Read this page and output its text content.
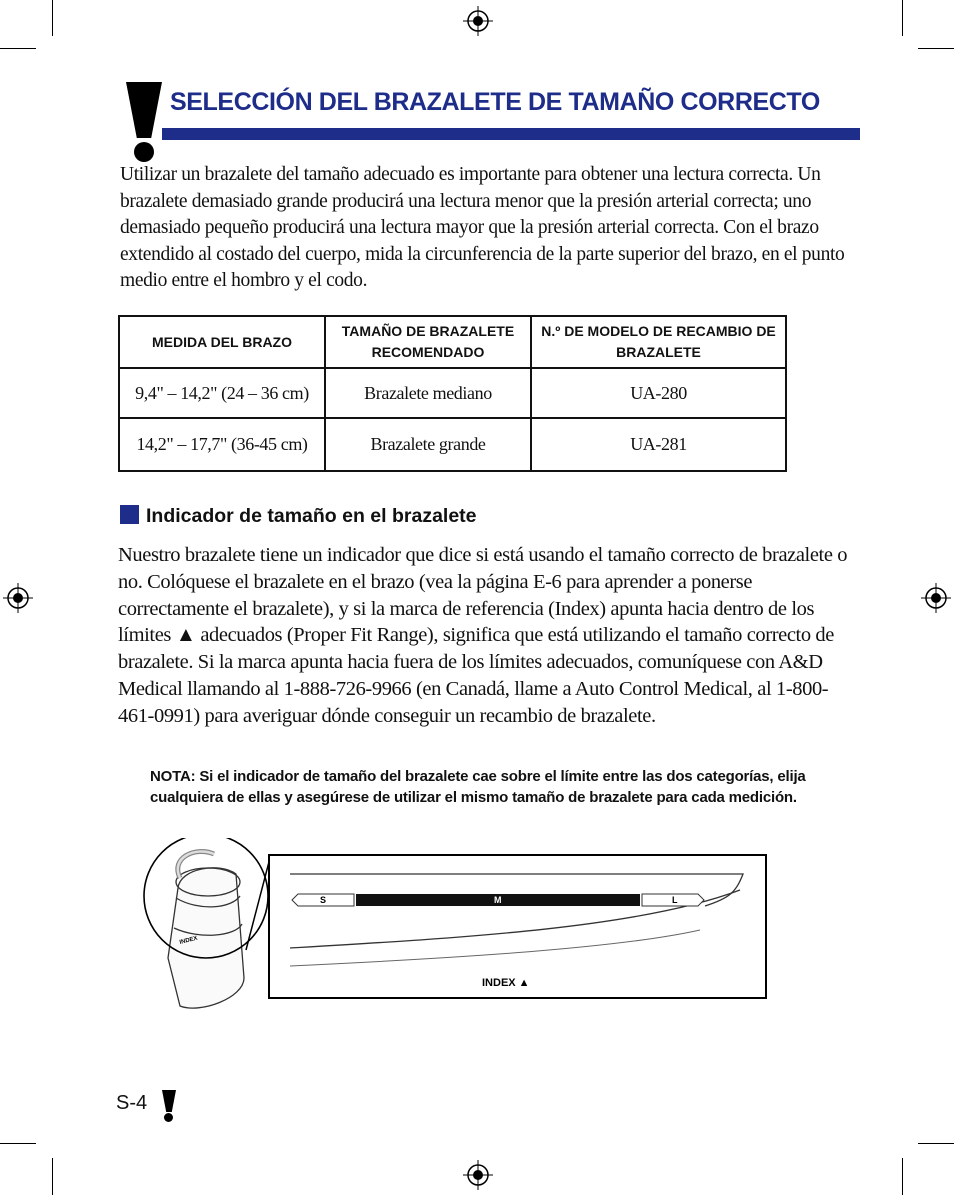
SELECCIÓN DEL BRAZALETE DE TAMAÑO CORRECTO

Utilizar un brazalete del tamaño adecuado es importante para obtener una lectura correcta. Un brazalete demasiado grande producirá una lectura menor que la presión arterial correcta; uno demasiado pequeño producirá una lectura mayor que la presión arterial correcta. Con el brazo extendido al costado del cuerpo, mida la circunferencia de la parte superior del brazo, en el punto medio entre el hombro y el codo.

MEDIDA DEL BRAZO	TAMAÑO DE BRAZALETE RECOMENDADO	N.º DE MODELO DE RECAMBIO DE BRAZALETE
9,4" – 14,2" (24 – 36 cm)	Brazalete mediano	UA-280
14,2" – 17,7" (36-45 cm)	Brazalete grande	UA-281
Indicador de tamaño en el brazalete

Nuestro brazalete tiene un indicador que dice si está usando el tamaño correcto de brazalete o no. Colóquese el brazalete en el brazo (vea la página E-6 para aprender a ponerse correctamente el brazalete), y si la marca de referencia (Index) apunta hacia dentro de los límites ▲ adecuados (Proper Fit Range), significa que está utilizando el tamaño correcto de brazalete. Si la marca apunta hacia fuera de los límites adecuados, comuníquese con A&D Medical llamando al 1-888-726-9966 (en Canadá, llame a Auto Control Medical, al 1-800-461-0991) para averiguar dónde conseguir un recambio de brazalete.

NOTA: Si el indicador de tamaño del brazalete cae sobre el límite entre las dos categorías, elija cualquiera de ellas y asegúrese de utilizar el mismo tamaño de brazalete para cada medición.
INDEX
S	M	L
INDEX ▲
S-4
